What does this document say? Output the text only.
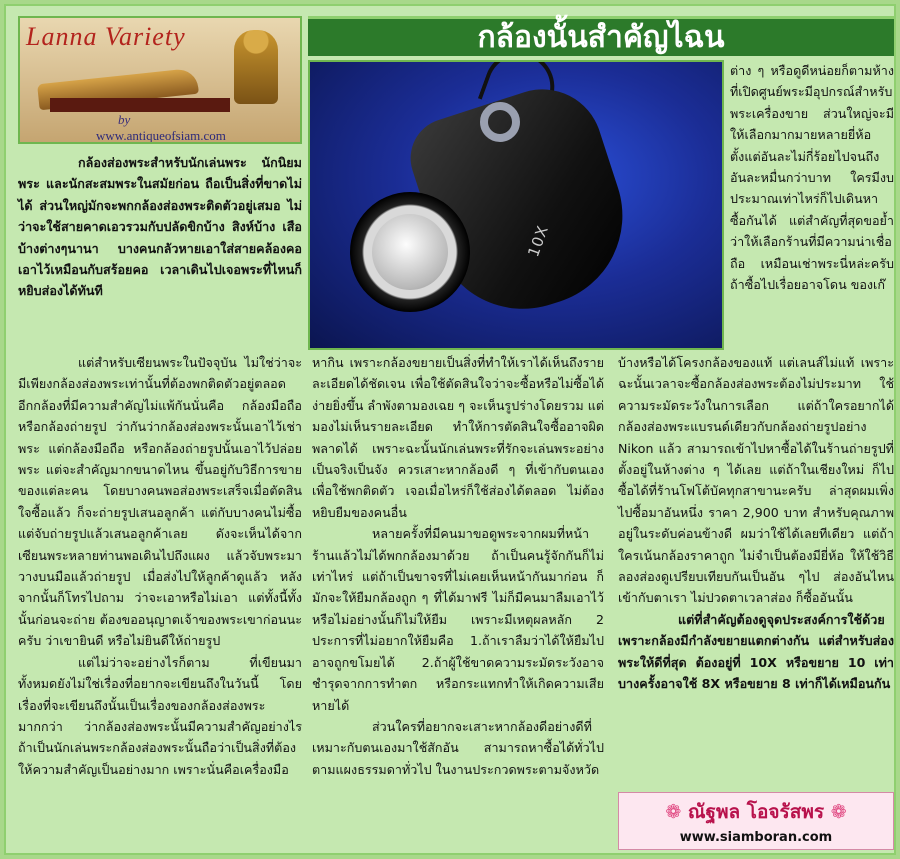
Lanna Variety
by
www.antiqueofsiam.com
กล้องนั้นสำคัญไฉน
10X

กล้องส่องพระสำหรับนักเล่นพระ นักนิยมพระ และนักสะสมพระในสมัยก่อน ถือเป็นสิ่งที่ขาดไม่ได้ ส่วนใหญ่มักจะพกกล้องส่องพระติดตัวอยู่เสมอ ไม่ว่าจะใช้สายคาดเอวรวมกับปลัดขิกบ้าง สิงห์บ้าง เสือบ้างต่างๆนานา บางคนกลัวหายเอาใส่สายคล้องคอเอาไว้เหมือนกับสร้อยคอ เวลาเดินไปเจอพระที่ไหนก็หยิบส่องได้ทันที

แต่สำหรับเซียนพระในปัจจุบัน ไม่ใช่ว่าจะมีเพียงกล้องส่องพระเท่านั้นที่ต้องพกติดตัวอยู่ตลอด อีกกล้องที่มีความสำคัญไม่แพ้กันนั่นคือ กล้องมือถือหรือกล้องถ่ายรูป ว่ากันว่ากล้องส่องพระนั้นเอาไว้เช่าพระ แต่กล้องมือถือ หรือกล้องถ่ายรูปนั้นเอาไว้ปล่อยพระ แต่จะสำคัญมากขนาดไหน ขึ้นอยู่กับวิธีการขายของแต่ละคน โดยบางคนพอส่องพระเสร็จเมื่อตัดสินใจซื้อแล้ว ก็จะถ่ายรูปเสนอลูกค้า แต่กับบางคนไม่ซื้อ แต่จับถ่ายรูปแล้วเสนอลูกค้าเลย ดังจะเห็นได้จากเซียนพระหลายท่านพอเดินไปถึงแผง แล้วจับพระมาวางบนมือแล้วถ่ายรูป เมื่อส่งไปให้ลูกค้าดูแล้ว หลังจากนั้นก็โทรไปถาม ว่าจะเอาหรือไม่เอา แต่ทั้งนี้ทั้งนั้นก่อนจะถ่าย ต้องขออนุญาตเจ้าของพระเขาก่อนนะครับ ว่าเขายินดี หรือไม่ยินดีให้ถ่ายรูป

แต่ไม่ว่าจะอย่างไรก็ตาม ที่เขียนมาทั้งหมดยังไม่ใช่เรื่องที่อยากจะเขียนถึงในวันนี้ โดยเรื่องที่จะเขียนถึงนั้นเป็นเรื่องของกล้องส่องพระมากกว่า ว่ากล้องส่องพระนั้นมีความสำคัญอย่างไร ถ้าเป็นนักเล่นพระกล้องส่องพระนั้นถือว่าเป็นสิ่งที่ต้องให้ความสำคัญเป็นอย่างมาก เพราะนั่นคือเครื่องมือ

หากิน เพราะกล้องขยายเป็นสิ่งที่ทำให้เราได้เห็นถึงรายละเอียดได้ชัดเจน เพื่อใช้ตัดสินใจว่าจะซื้อหรือไม่ซื้อได้ง่ายยิ่งขึ้น ลำพังตามองเฉย ๆ จะเห็นรูปร่างโดยรวม แต่มองไม่เห็นรายละเอียด ทำให้การตัดสินใจซื้ออาจผิดพลาดได้ เพราะฉะนั้นนักเล่นพระที่รักจะเล่นพระอย่างเป็นจริงเป็นจัง ควรเสาะหากล้องดี ๆ ที่เข้ากับตนเอง เพื่อใช้พกติดตัว เจอเมื่อไหร่ก็ใช้ส่องได้ตลอด ไม่ต้องหยิบยืมของคนอื่น

หลายครั้งที่มีคนมาขอดูพระจากผมที่หน้าร้านแล้วไม่ได้พกกล้องมาด้วย ถ้าเป็นคนรู้จักกันก็ไม่เท่าไหร่ แต่ถ้าเป็นขาจรที่ไม่เคยเห็นหน้ากันมาก่อน ก็มักจะให้ยืมกล้องถูก ๆ ที่ได้มาฟรี ไม่ก็มีคนมาลืมเอาไว้ หรือไม่อย่างนั้นก็ไม่ให้ยืม เพราะมีเหตุผลหลัก 2 ประการที่ไม่อยากให้ยืมคือ 1.ถ้าเราลืมว่าได้ให้ยืมไปอาจถูกขโมยได้ 2.ถ้าผู้ใช้ขาดความระมัดระวังอาจชำรุดจากการทำตก หรือกระแทกทำให้เกิดความเสียหายได้

ส่วนใครที่อยากจะเสาะหากล้องดีอย่างดีที่เหมาะกับตนเองมาใช้สักอัน สามารถหาซื้อได้ทั่วไปตามแผงธรรมดาทั่วไป ในงานประกวดพระตามจังหวัด

ต่าง ๆ หรือดูดีหน่อยก็ตามห้างที่เปิดศูนย์พระมีอุปกรณ์สำหรับพระเครื่องขาย ส่วนใหญ่จะมีให้เลือกมากมายหลายยี่ห้อตั้งแต่อันละไม่กี่ร้อยไปจนถึงอันละหมื่นกว่าบาท ใครมีงบประมาณเท่าไหร่ก็ไปเดินหาซื้อกันได้ แต่สำคัญที่สุดขอย้ำว่าให้เลือกร้านที่มีความน่าเชื่อถือ เหมือนเช่าพระนี่หล่ะครับ ถ้าซื้อไปเรื่อยอาจโดน ของเก๊

บ้างหรือได้โครงกล้องของแท้ แต่เลนส์ไม่แท้ เพราะฉะนั้นเวลาจะซื้อกล้องส่องพระต้องไม่ประมาท ใช้ความระมัดระวังในการเลือก แต่ถ้าใครอยากได้กล้องส่องพระแบรนด์เดียวกับกล้องถ่ายรูปอย่าง Nikon แล้ว สามารถเข้าไปหาซื้อได้ในร้านถ่ายรูปที่ตั้งอยู่ในห้างต่าง ๆ ได้เลย แต่ถ้าในเชียงใหม่ ก็ไปซื้อได้ที่ร้านโฟโต้บัคทุกสาขานะครับ ล่าสุดผมเพิ่งไปซื้อมาอันหนึ่ง ราคา 2,900 บาท สำหรับคุณภาพอยู่ในระดับค่อนข้างดี ผมว่าใช้ได้เลยทีเดียว แต่ถ้าใครเน้นกล้องราคาถูก ไม่จำเป็นต้องมียี่ห้อ ให้ใช้วิธีลองส่องดูเปรียบเทียบกันเป็นอัน ๆไป ส่องอันไหนเข้ากับตาเรา ไม่ปวดตาเวลาส่อง ก็ซื้ออันนั้น

แต่ที่สำคัญต้องดูจุดประสงค์การใช้ด้วย เพราะกล้องมีกำลังขยายแตกต่างกัน แต่สำหรับส่องพระให้ดีที่สุด ต้องอยู่ที่ 10X หรือขยาย 10 เท่า บางครั้งอาจใช้ 8X หรือขยาย 8 เท่าก็ได้เหมือนกัน

❁ ณัฐพล โอจรัสพร ❁
www.siamboran.com
